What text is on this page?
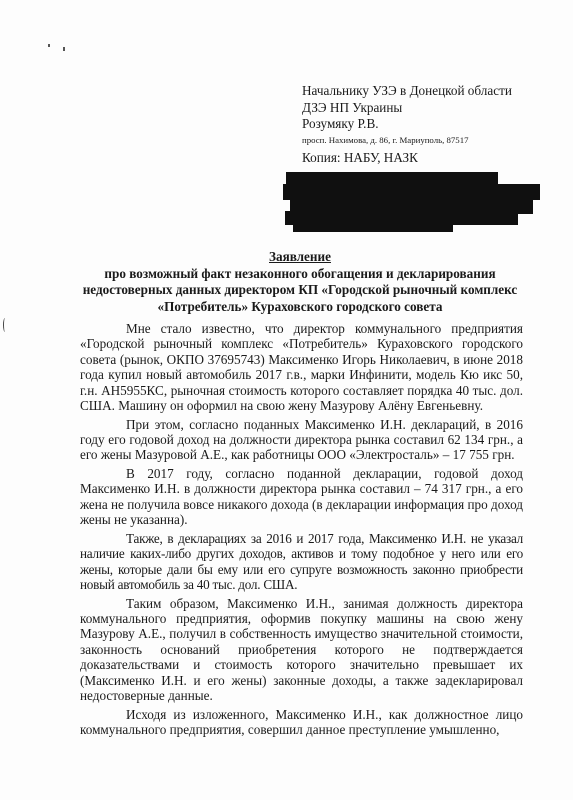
Начальнику УЗЭ в Донецкой области
ДЗЭ НП Украины
Розумяку Р.В.
просп. Нахимова, д. 86, г. Мариуполь, 87517
Копия: НАБУ, НАЗК
Заявление
про возможный факт незаконного обогащения и декларирования
недостоверных данных директором КП «Городской рыночный комплекс
«Потребитель» Кураховского городского совета

Мне стало известно, что директор коммунального предприятия «Городской рыночный комплекс «Потребитель» Кураховского городского совета (рынок, ОКПО 37695743) Максименко Игорь Николаевич, в июне 2018 года купил новый автомобиль 2017 г.в., марки Инфинити, модель Кю икс 50, г.н. АН5955КС, рыночная стоимость которого составляет порядка 40 тыс. дол. США. Машину он оформил на свою жену Мазурову Алёну Евгеньевну.

При этом, согласно поданных Максименко И.Н. деклараций, в 2016 году его годовой доход на должности директора рынка составил 62 134 грн., а его жены Мазуровой А.Е., как работницы ООО «Электросталь» – 17 755 грн.

В 2017 году, согласно поданной декларации, годовой доход Максименко И.Н. в должности директора рынка составил – 74 317 грн., а его жена не получила вовсе никакого дохода (в декларации информация про доход жены не указанна).

Также, в декларациях за 2016 и 2017 года, Максименко И.Н. не указал наличие каких-либо других доходов, активов и тому подобное у него или его жены, которые дали бы ему или его супруге возможность законно приобрести новый автомобиль за 40 тыс. дол. США.

Таким образом, Максименко И.Н., занимая должность директора коммунального предприятия, оформив покупку машины на свою жену Мазурову А.Е., получил в собственность имущество значительной стоимости, законность оснований приобретения которого не подтверждается доказательствами и стоимость которого значительно превышает их (Максименко И.Н. и его жены) законные доходы, а также задекларировал недостоверные данные.

Исходя из изложенного, Максименко И.Н., как должностное лицо коммунального предприятия, совершил данное преступление умышленно,
